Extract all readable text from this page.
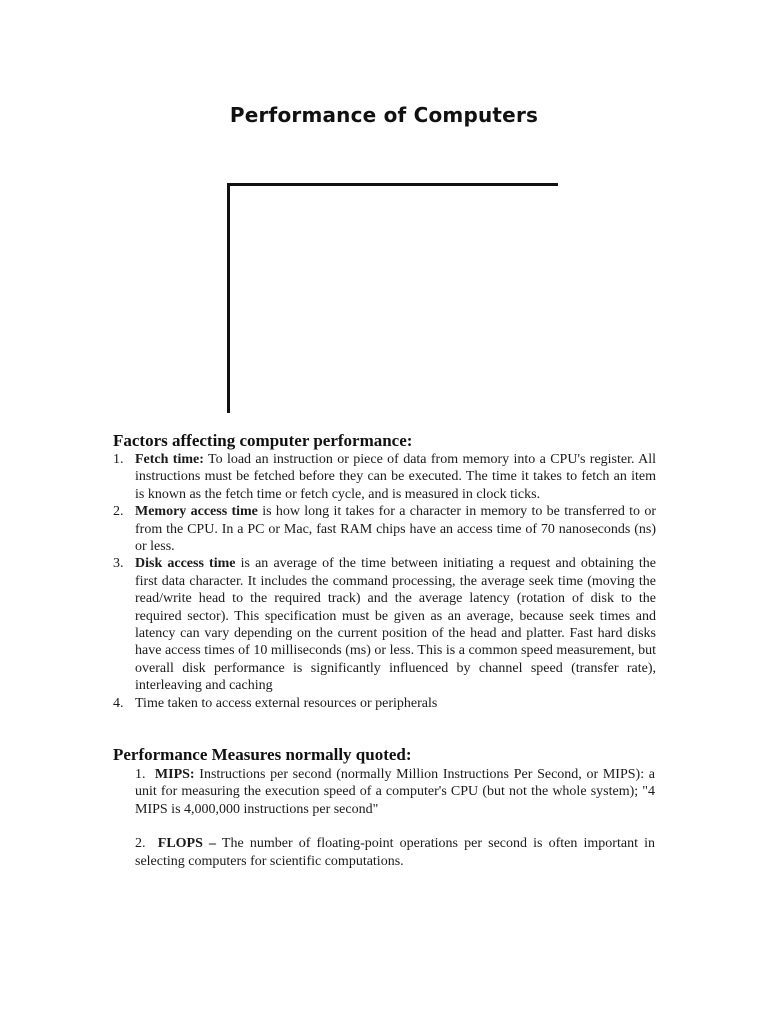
Performance of Computers
Factors affecting computer performance:
1. Fetch time: To load an instruction or piece of data from memory into a CPU's register. All instructions must be fetched before they can be executed. The time it takes to fetch an item is known as the fetch time or fetch cycle, and is measured in clock ticks.
2. Memory access time is how long it takes for a character in memory to be transferred to or from the CPU. In a PC or Mac, fast RAM chips have an access time of 70 nanoseconds (ns) or less.
3. Disk access time is an average of the time between initiating a request and obtaining the first data character. It includes the command processing, the average seek time (moving the read/write head to the required track) and the average latency (rotation of disk to the required sector). This specification must be given as an average, because seek times and latency can vary depending on the current position of the head and platter. Fast hard disks have access times of 10 milliseconds (ms) or less. This is a common speed measurement, but overall disk performance is significantly influenced by channel speed (transfer rate), interleaving and caching
4. Time taken to access external resources or peripherals
Performance Measures normally quoted:

1. MIPS: Instructions per second (normally Million Instructions Per Second, or MIPS): a unit for measuring the execution speed of a computer's CPU (but not the whole system); "4 MIPS is 4,000,000 instructions per second"

2. FLOPS – The number of floating-point operations per second is often important in selecting computers for scientific computations.
